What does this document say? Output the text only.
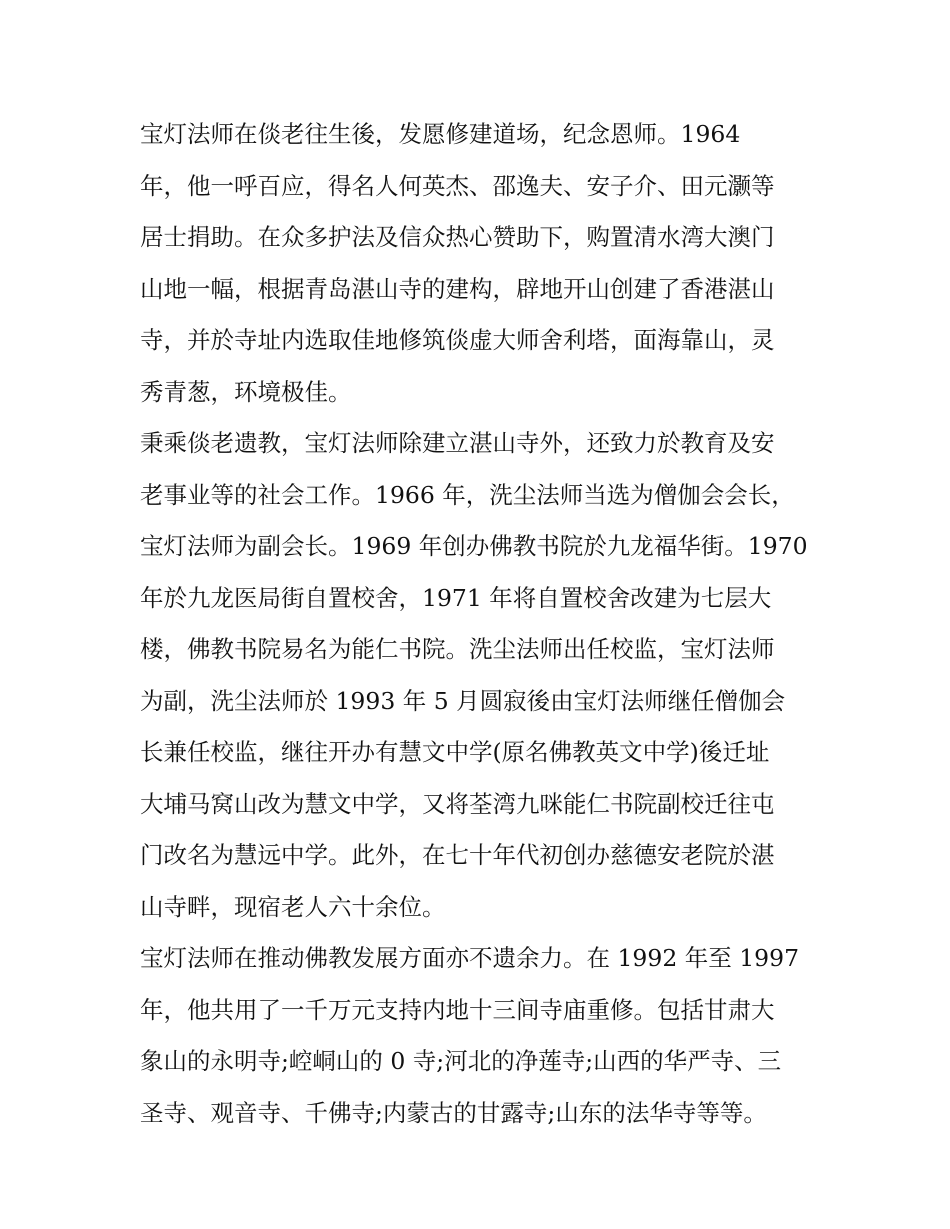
宝灯法师在倓老往生後，发愿修建道场，纪念恩师。1964
年，他一呼百应，得名人何英杰、邵逸夫、安子介、田元灏等
居士捐助。在众多护法及信众热心赞助下，购置清水湾大澳门
山地一幅，根据青岛湛山寺的建构，辟地开山创建了香港湛山
寺，并於寺址内选取佳地修筑倓虚大师舍利塔，面海靠山，灵
秀青葱，环境极佳。
秉乘倓老遗教，宝灯法师除建立湛山寺外，还致力於教育及安
老事业等的社会工作。1966 年，洗尘法师当选为僧伽会会长，
宝灯法师为副会长。1969 年创办佛教书院於九龙福华街。1970
年於九龙医局街自置校舍，1971 年将自置校舍改建为七层大
楼，佛教书院易名为能仁书院。洗尘法师出任校监，宝灯法师
为副，洗尘法师於 1993 年 5 月圆寂後由宝灯法师继任僧伽会
长兼任校监，继往开办有慧文中学(原名佛教英文中学)後迁址
大埔马窝山改为慧文中学，又将荃湾九咪能仁书院副校迁往屯
门改名为慧远中学。此外，在七十年代初创办慈德安老院於湛
山寺畔，现宿老人六十余位。
宝灯法师在推动佛教发展方面亦不遗余力。在 1992 年至 1997
年，他共用了一千万元支持内地十三间寺庙重修。包括甘肃大
象山的永明寺;崆峒山的 0 寺;河北的净莲寺;山西的华严寺、三
圣寺、观音寺、千佛寺;内蒙古的甘露寺;山东的法华寺等等。
